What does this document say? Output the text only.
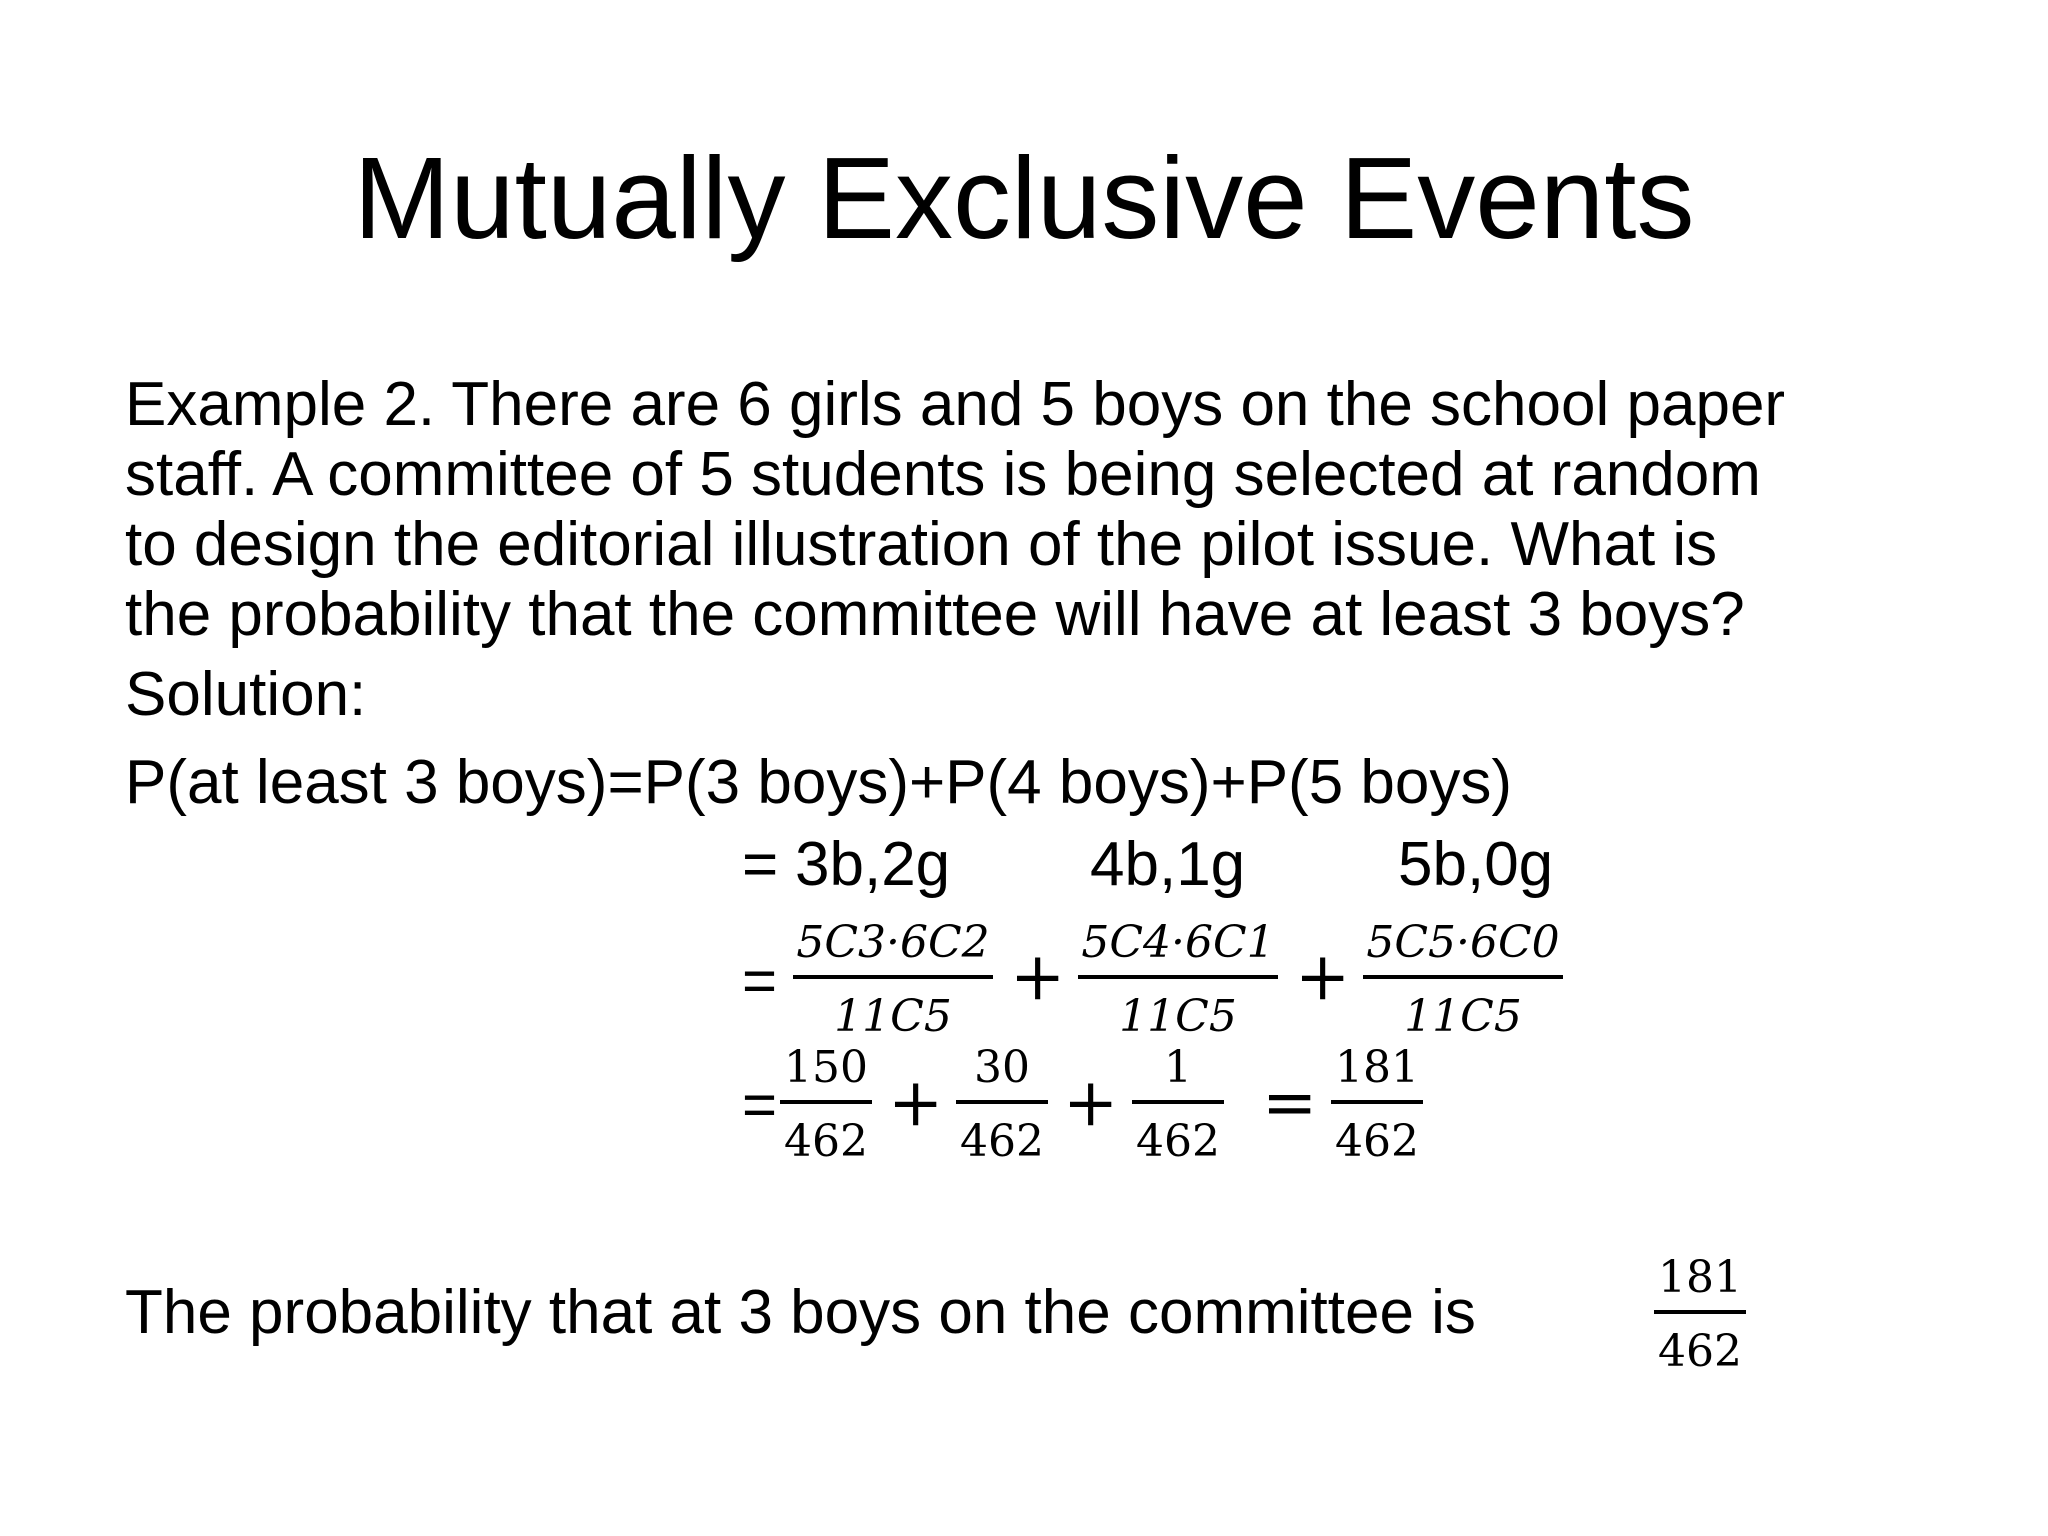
Mutually Exclusive Events
Example 2. There are 6 girls and 5 boys on the school paper
staff. A committee of 5 students is being selected at random
to design the editorial illustration of the pilot issue. What is
the probability that the committee will have at least 3 boys?
Solution:
P(at least 3 boys)=P(3 boys)+P(4 boys)+P(5 boys)
= 3b,2g 4b,1g 5b,0g
=
5C3·6C2
11C5
+ 5C4·6C1
11C5
+ 5C5·6C0
11C5
=
150
462
+ 30
462
+	1
462
= 181
462
The probability that at 3 boys on the committee is
181
462
